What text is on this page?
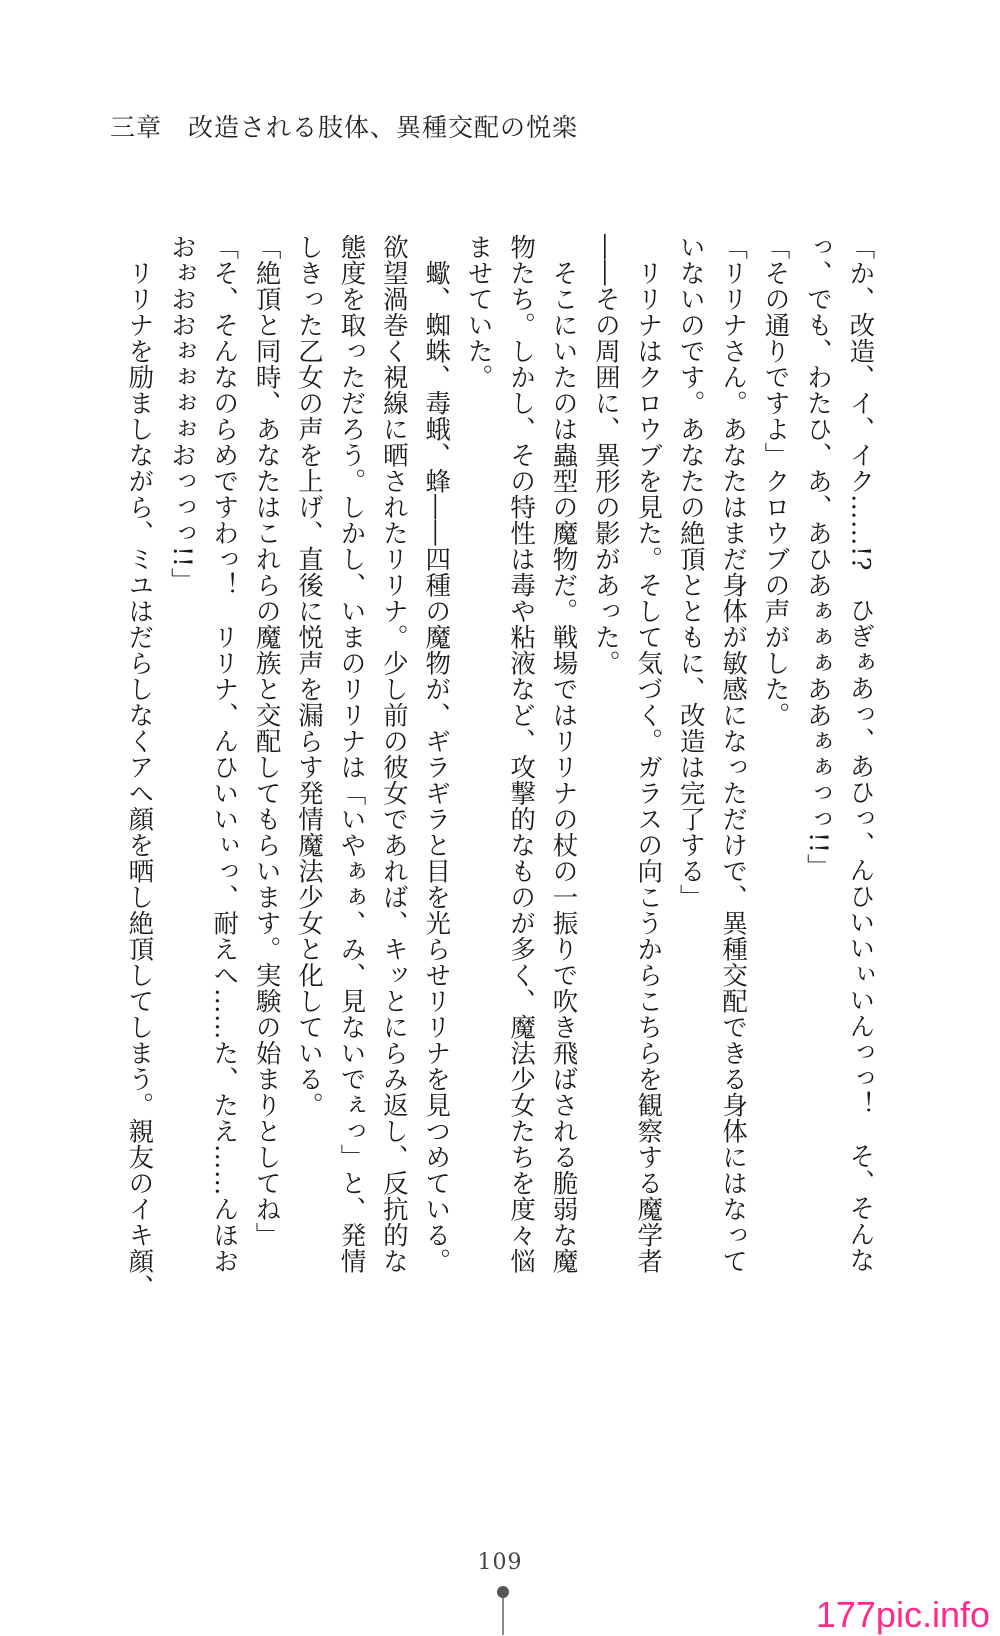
三章　改造される肢体、異種交配の悦楽
「か、改造、イ、イク……!?　ひぎぁあっ、あひっ、んひいいぃいんっっ！　そ、そんな
っ、でも、わたひ、あ、あひあぁぁぁああぁぁっっ!!」
「その通りですよ」クロウブの声がした。
「リリナさん。あなたはまだ身体が敏感になっただけで、異種交配できる身体にはなって
いないのです。あなたの絶頂とともに、改造は完了する」
　リリナはクロウブを見た。そして気づく。ガラスの向こうからこちらを観察する魔学者
――その周囲に、異形の影があった。
　そこにいたのは蟲型の魔物だ。戦場ではリリナの杖の一振りで吹き飛ばされる脆弱な魔
物たち。しかし、その特性は毒や粘液など、攻撃的なものが多く、魔法少女たちを度々悩
ませていた。
　蠍、蜘蛛、毒蛾、蜂――四種の魔物が、ギラギラと目を光らせリリナを見つめている。
欲望渦巻く視線に晒されたリリナ。少し前の彼女であれば、キッとにらみ返し、反抗的な
態度を取っただろう。しかし、いまのリリナは「いやぁぁ、み、見ないでぇっ」と、発情
しきった乙女の声を上げ、直後に悦声を漏らす発情魔法少女と化している。
「絶頂と同時、あなたはこれらの魔族と交配してもらいます。実験の始まりとしてね」
「そ、そんなのらめですわっ！　リリナ、んひいいぃっ、耐えへ……た、たえ……んほお
おぉおおぉぉぉぉおっっっ!!」
　リリナを励ましながら、ミユはだらしなくアへ顔を晒し絶頂してしまう。親友のイキ顔、
109
177pic.info
